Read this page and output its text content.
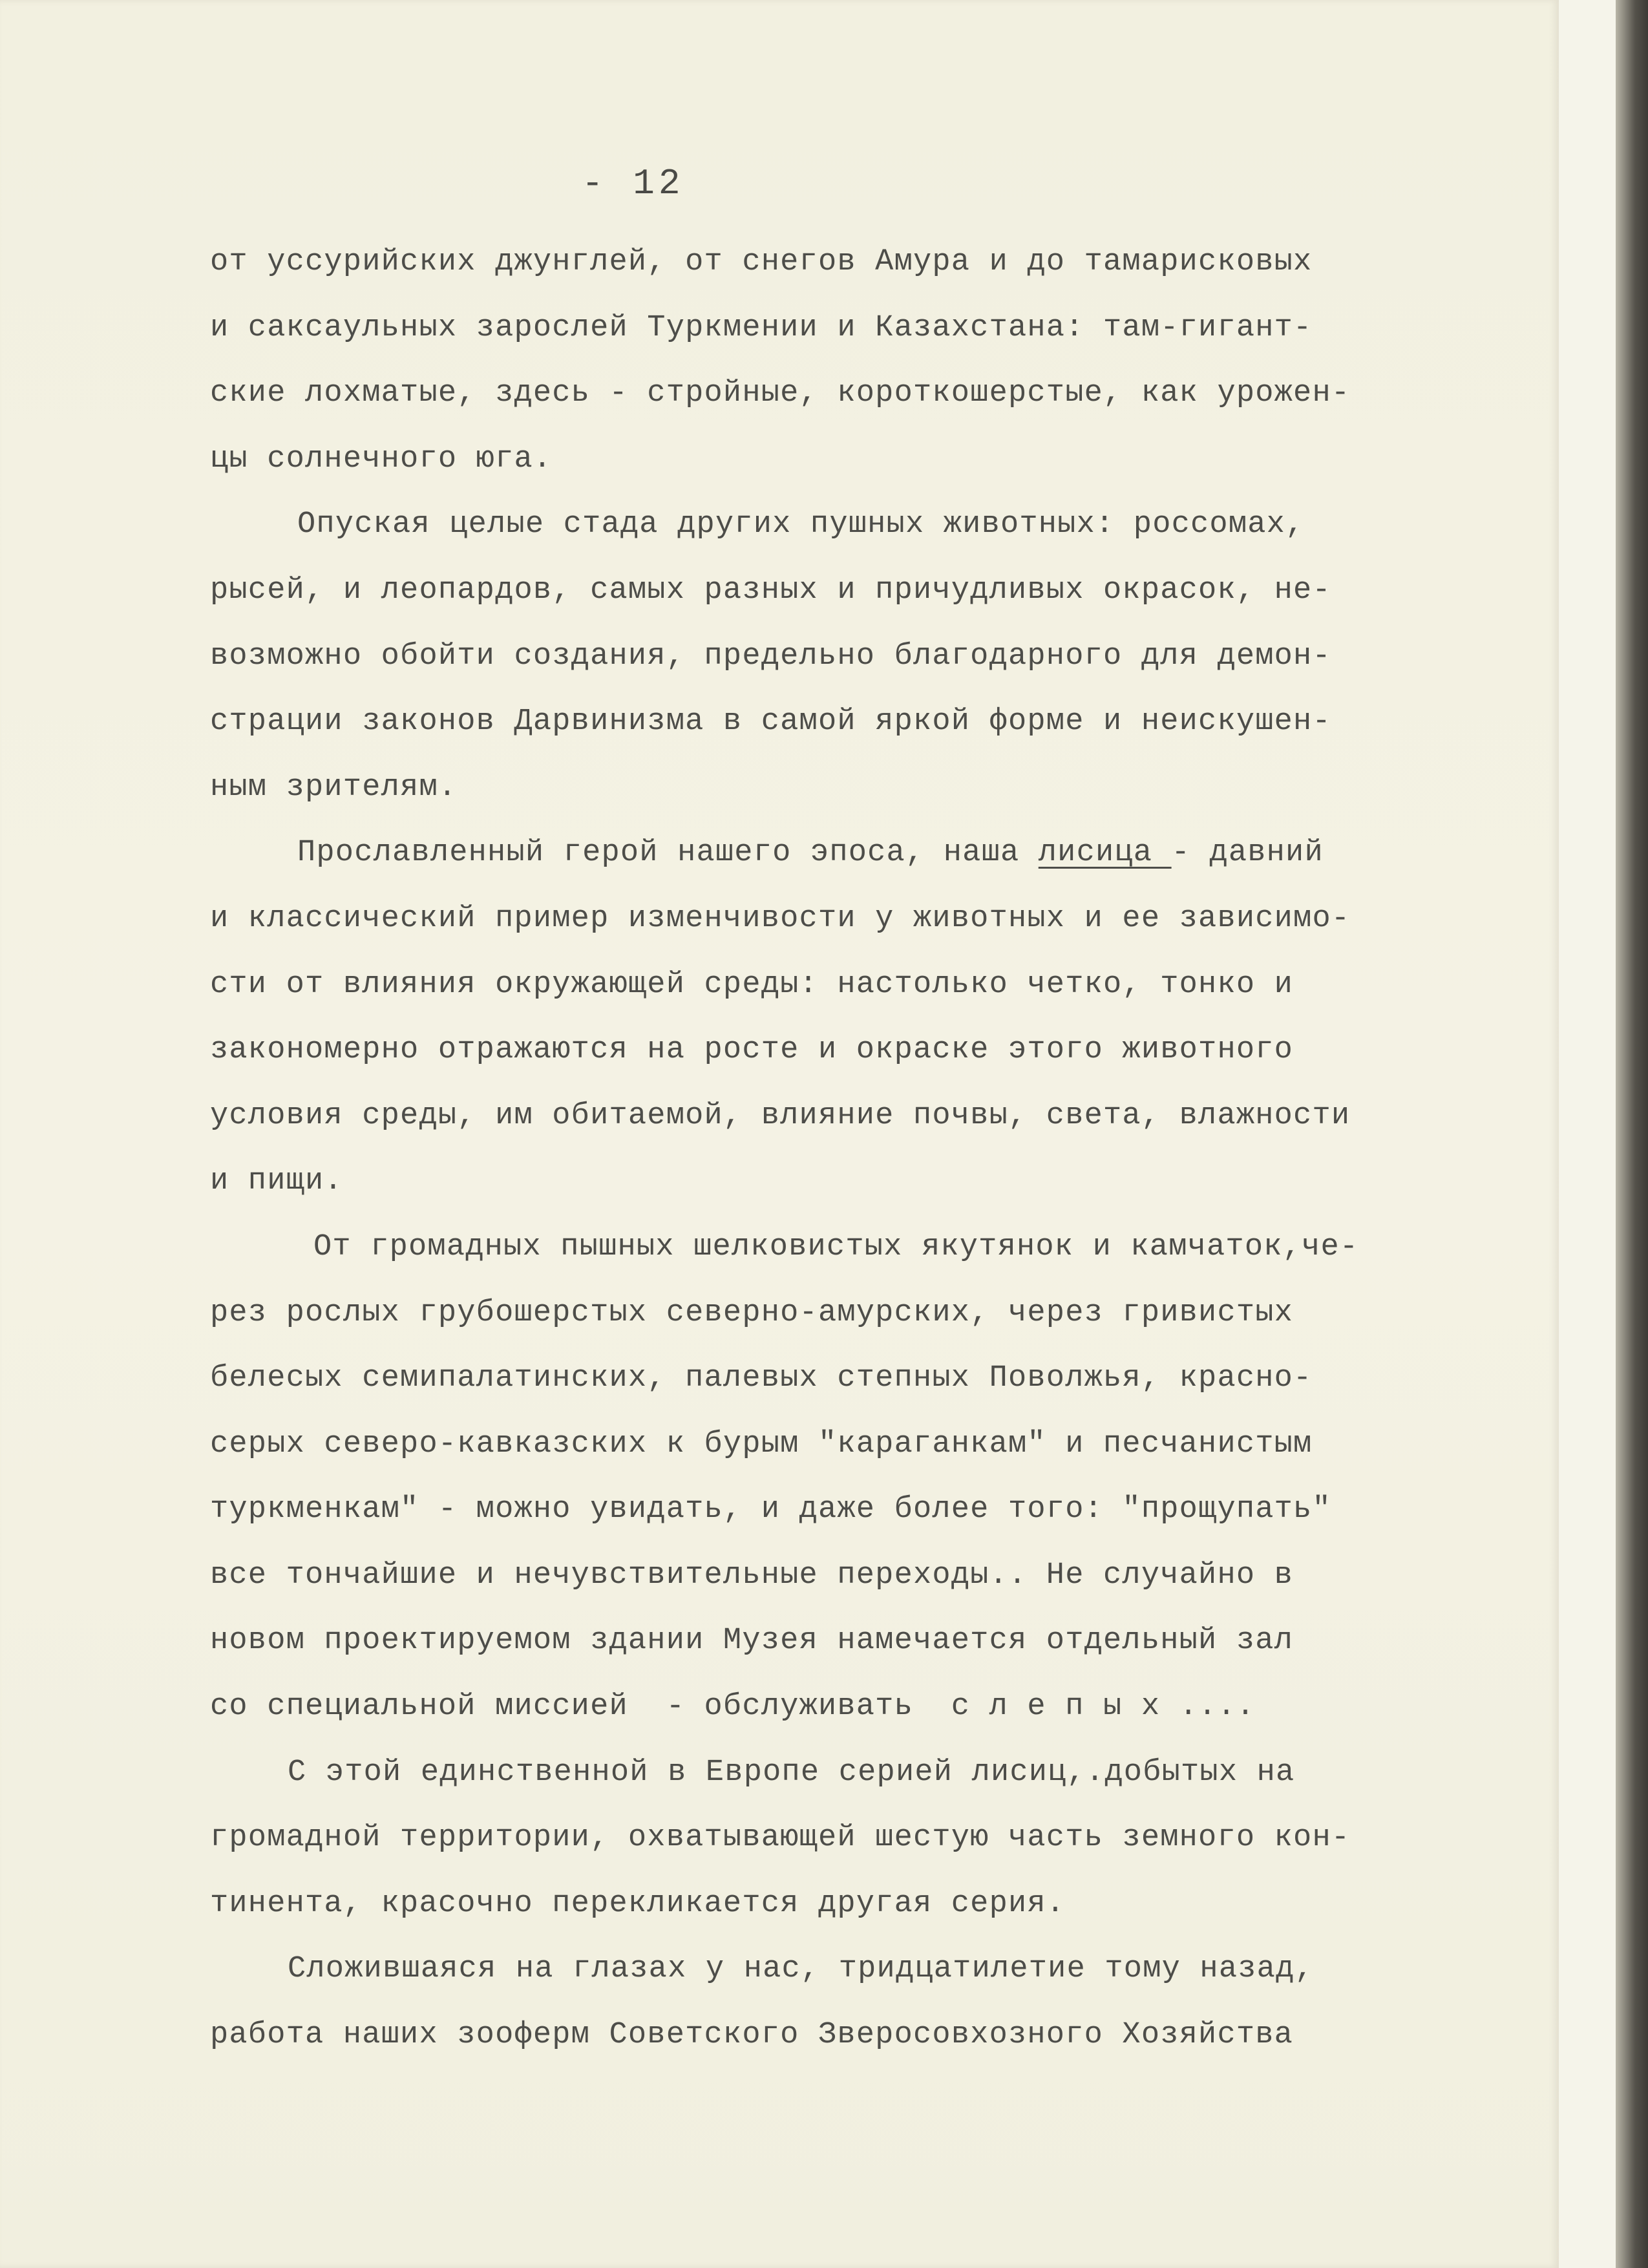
- 12
от уссурийских джунглей, от снегов Амура и до тамарисковых
и саксаульных зарослей Туркмении и Казахстана: там-гигант-
ские лохматые, здесь - стройные, короткошерстые, как урожен-
цы солнечного юга.
Опуская целые стада других пушных животных: россомах,
рысей, и леопардов, самых разных и причудливых окрасок, не-
возможно обойти создания, предельно благодарного для демон-
страции законов Дарвинизма в самой яркой форме и неискушен-
ным зрителям.
Прославленный герой нашего эпоса, наша лисица - давний
и классический пример изменчивости у животных и ее зависимо-
сти от влияния окружающей среды: настолько четко, тонко и
закономерно отражаются на росте и окраске этого животного
условия среды, им обитаемой, влияние почвы, света, влажности
и пищи.
От громадных пышных шелковистых якутянок и камчаток,че-
рез рослых грубошерстых северно-амурских, через гривистых
белесых семипалатинских, палевых степных Поволжья, красно-
серых северо-кавказских к бурым "караганкам" и песчанистым
туркменкам" - можно увидать, и даже более того: "прощупать"
все тончайшие и нечувствительные переходы.. Не случайно в
новом проектируемом здании Музея намечается отдельный зал
со специальной миссией  - обслуживать  с л е п ы х ....
С этой единственной в Европе серией лисиц,.добытых на
громадной территории, охватывающей шестую часть земного кон-
тинента, красочно перекликается другая серия.
Сложившаяся на глазах у нас, тридцатилетие тому назад,
работа наших зооферм Советского Зверосовхозного Хозяйства
